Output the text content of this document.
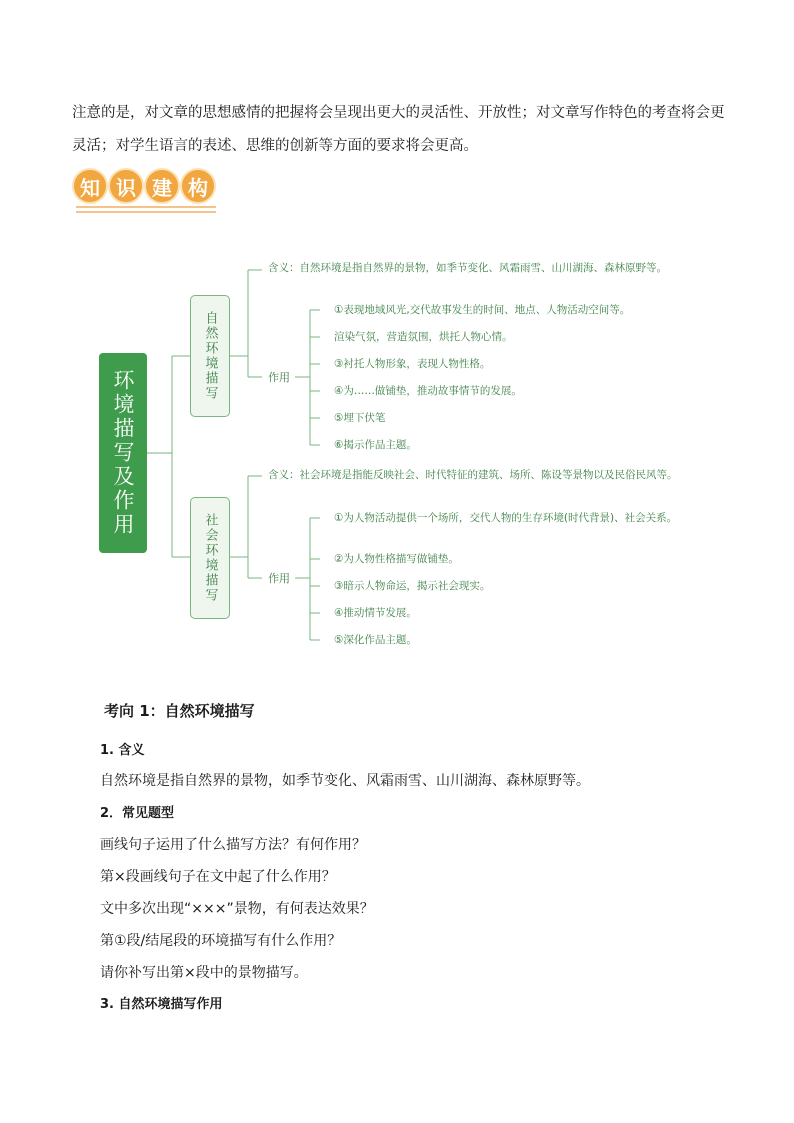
注意的是，对文章的思想感情的把握将会呈现出更大的灵活性、开放性；对文章写作特色的考查将会更灵活；对学生语言的表述、思维的创新等方面的要求将会更高。

知 识 建 构
环境描写及作用
自然环境描写
社会环境描写
含义：自然环境是指自然界的景物，如季节变化、风霜雨雪、山川湖海、森林原野等。
作用
①表现地域风光,交代故事发生的时间、地点、人物活动空间等。
渲染气氛，营造氛围，烘托人物心情。
③衬托人物形象，表现人物性格。
④为……做铺垫，推动故事情节的发展。
⑤埋下伏笔
⑥揭示作品主题。
含义：社会环境是指能反映社会、时代特征的建筑、场所、陈设等景物以及民俗民风等。
作用
①为人物活动提供一个场所，交代人物的生存环境(时代背景)、社会关系。
②为人物性格描写做铺垫。
③暗示人物命运，揭示社会现实。
④推动情节发展。
⑤深化作品主题。
考向 1：自然环境描写
1. 含义
自然环境是指自然界的景物，如季节变化、风霜雨雪、山川湖海、森林原野等。
2．常见题型
画线句子运用了什么描写方法？有何作用？
第×段画线句子在文中起了什么作用？
文中多次出现“×××”景物，有何表达效果？
第①段/结尾段的环境描写有什么作用？
请你补写出第×段中的景物描写。
3. 自然环境描写作用
